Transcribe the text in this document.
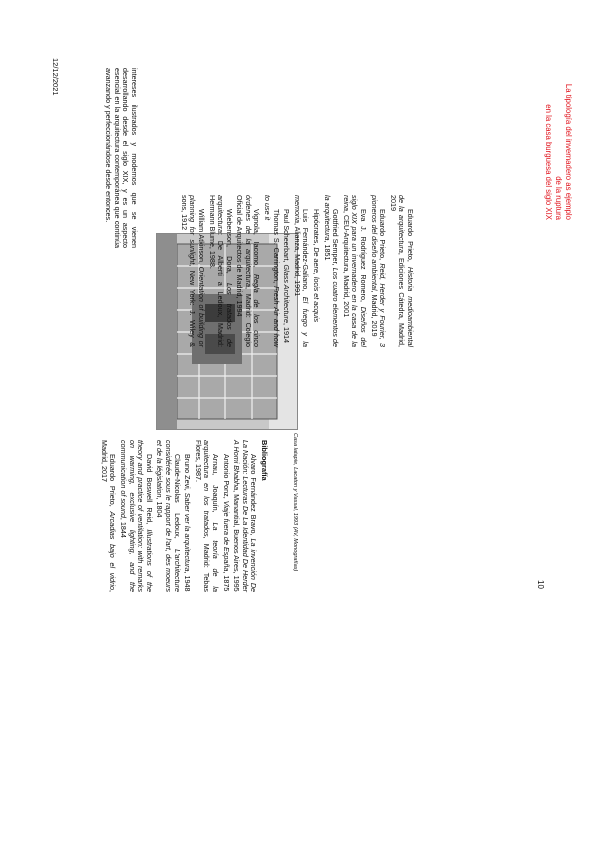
La tipología del invernadero as ejemplo
de la ruptura
en la casa burguesa del siglo XIX
12/12/2021
10
intereses ilustrados y modernos que se vienen desarrollando desde el siglo XIX, y es un aspecto esencial en la arquitectura contemporánea que continúa avanzando y perfeccionándose desde entonces.
Casa latapie, Lacaton y Vassal, 1993 (AV, Monografías)
Bibliografía

Alvaro Fernández Bravo, La invención De La Nación: Lecturas De La Identidad De Herder A Homi Bhabha, Manantial, Buenos Aires, 1995

Antonio Ponz, Viaje fuera de España, 1875

Arnau, Joaquín, La teoría de la arquitectura en los tratados, Madrid: Tebas Flores, 1987.

Bruno Zevi, Saber ver la arquitectura, 1948

Claude-Nicolas Ledoux, L'architecture considérée sous le rapport de l'art, des moeurs et de la législation, 1804

David Boswell Reid, Illustrations of the theory and practice of ventilation: with remarks on warming, exclusive lighting, and the communication of sound, 1844

Eduardo Prieto, Arcadias bajo el vidrio, Madrid, 2017

Eduardo Prieto, Historia medioambiental de la arquitectura, Ediciones Cátedra, Madrid, 2019

Eduardo Prieto, Reid, Herder y Fourier, 3 pioneros del diseño ambiental, Madrid, 2019

Eva J. Rodríguez Romero, Diseños del siglo XIX para un invernadero en la casa de la reina, CEU-Arquitectura, Madrid, 2001

Gottfried Semper, Los cuatro elementos de la arquitectura, 1851

Hipócrates, De aere, locis et acquis

Luis Fernández-Galiano, El fuego y la memoria, Alianza, Madrid, 1991

Paul Scheerbart, Glass Architecture, 1914

Thomas S. Carrington, Fresh Air and how to use it

Vignola, Iacomo, Regla de los cinco órdenes de la arquitectura, Madrid: Colegio Oficial de Arquitectos de Madrid, 1994

Wiebenson, Dora, Los tratados de arquitectura: De Alberti a Ledoux, Madrid: Hermann Blume, 1988.

William Atkinson, Orientation of building or planning for sunlight, New York: J. Wiley & sons, 1912
